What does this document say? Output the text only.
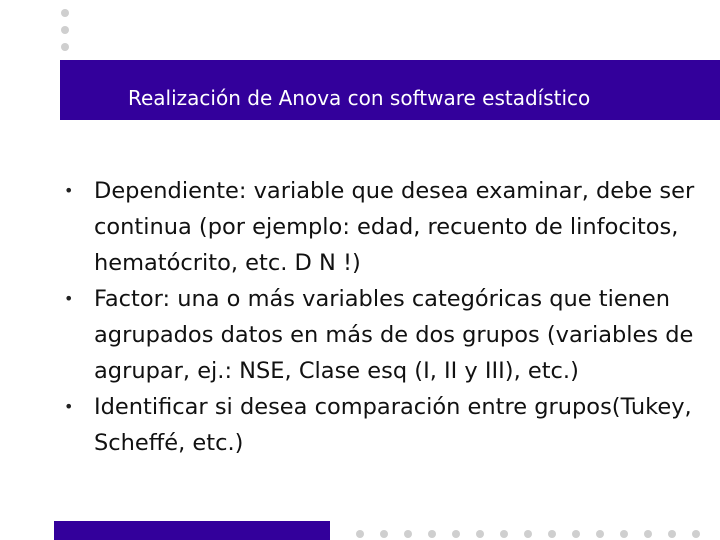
Realización de Anova con software estadístico
• Dependiente: variable que desea examinar, debe ser continua (por ejemplo: edad, recuento de linfocitos, hematócrito, etc. D N !)
• Factor: una o más variables categóricas que tienen agrupados datos en más de dos grupos (variables de agrupar, ej.: NSE, Clase esq (I, II y III), etc.)
• Identificar si desea comparación entre grupos(Tukey, Scheffé, etc.)
